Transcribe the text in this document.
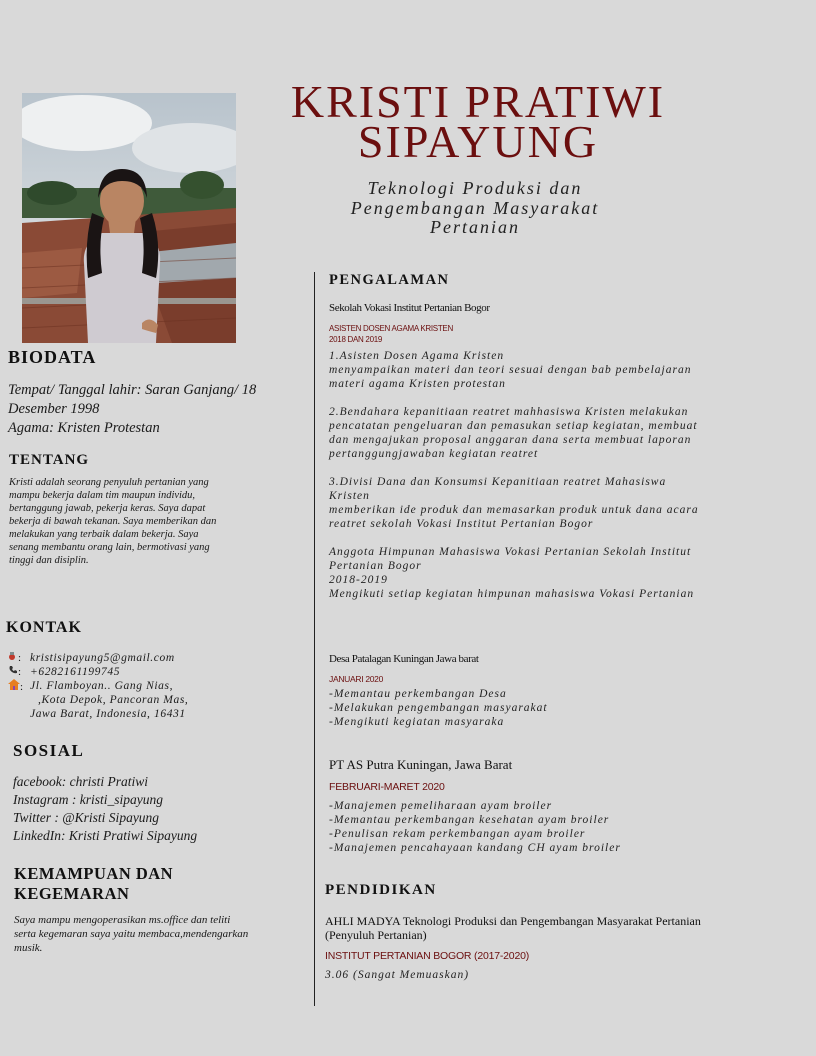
KRISTI PRATIWI
SIPAYUNG
Teknologi Produksi dan
Pengembangan Masyarakat
Pertanian
BIODATA
Tempat/ Tanggal lahir: Saran Ganjang/ 18 Desember 1998
Agama: Kristen Protestan
TENTANG
Kristi adalah seorang penyuluh pertanian yang mampu bekerja dalam tim maupun individu, bertanggung jawab, pekerja keras. Saya dapat bekerja di bawah tekanan. Saya memberikan dan melakukan yang terbaik dalam bekerja. Saya senang membantu orang lain, bermotivasi yang tinggi dan disiplin.
KONTAK
: kristisipayung5@gmail.com
: +6282161199745
: Jl. Flamboyan.. Gang Nias,
,Kota Depok, Pancoran Mas,
Jawa Barat, Indonesia, 16431
SOSIAL
facebook: christi Pratiwi
Instagram : kristi_sipayung
Twitter : @Kristi Sipayung
LinkedIn: Kristi Pratiwi Sipayung
KEMAMPUAN DAN
KEGEMARAN
Saya mampu mengoperasikan ms.office dan teliti serta kegemaran saya yaitu membaca,mendengarkan musik.
PENGALAMAN
Sekolah Vokasi Institut Pertanian Bogor
ASISTEN DOSEN AGAMA KRISTEN
2018 DAN 2019

1.Asisten Dosen Agama Kristen
menyampaikan materi dan teori sesuai dengan bab pembelajaran materi agama Kristen protestan

2.Bendahara kepanitiaan reatret mahhasiswa Kristen melakukan pencatatan pengeluaran dan pemasukan setiap kegiatan, membuat dan mengajukan proposal anggaran dana serta membuat laporan pertanggungjawaban kegiatan reatret

3.Divisi Dana dan Konsumsi Kepanitiaan reatret Mahasiswa Kristen
memberikan ide produk dan memasarkan produk untuk dana acara reatret sekolah Vokasi Institut Pertanian Bogor

Anggota Himpunan Mahasiswa Vokasi Pertanian Sekolah Institut Pertanian Bogor
2018-2019
Mengikuti setiap kegiatan himpunan mahasiswa Vokasi Pertanian

Desa Patalagan Kuningan Jawa barat
JANUARI 2020

-Memantau perkembangan Desa
-Melakukan pengembangan masyarakat
-Mengikuti kegiatan masyaraka

PT AS Putra Kuningan, Jawa Barat
FEBRUARI-MARET 2020

-Manajemen pemeliharaan ayam broiler
-Memantau perkembangan kesehatan ayam broiler
-Penulisan rekam perkembangan ayam broiler
-Manajemen pencahayaan kandang CH ayam broiler

PENDIDIKAN
AHLI MADYA Teknologi Produksi dan Pengembangan Masyarakat Pertanian (Penyuluh Pertanian)
INSTITUT PERTANIAN BOGOR (2017-2020)
3.06 (Sangat Memuaskan)
